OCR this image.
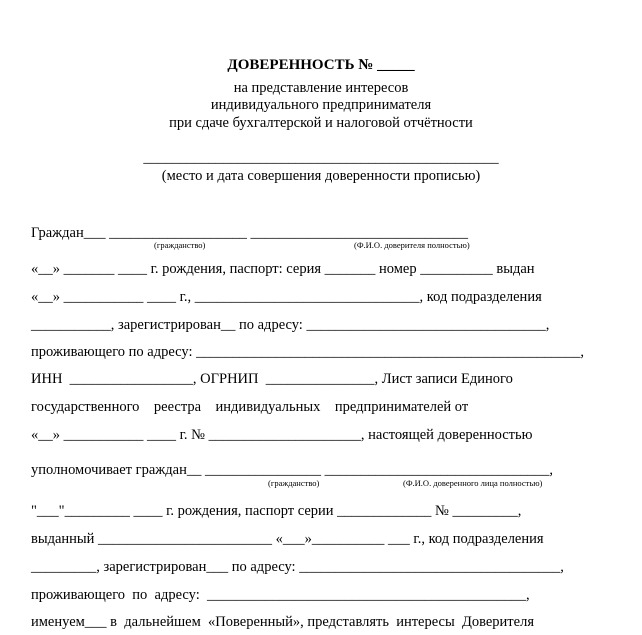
ДОВЕРЕННОСТЬ № _____
на представление интересов
индивидуального предпринимателя
при сдаче бухгалтерской и налоговой отчётности
_________________________________________________
(место и дата совершения доверенности прописью)
Граждан___ ___________________ ______________________________
(гражданство)	(Ф.И.О. доверителя полностью)
«__» _______ ____ г. рождения, паспорт: серия _______ номер __________ выдан
«__» ___________ ____ г., _______________________________, код подразделения
___________, зарегистрирован__ по адресу: _________________________________,
проживающего по адресу: _____________________________________________________,
ИНН  _________________, ОГРНИП  _______________, Лист записи Единого
государственного    реестра    индивидуальных    предпринимателей от
«__» ___________ ____ г. № _____________________, настоящей доверенностью
уполномочивает граждан__ ________________ _______________________________,
(гражданство)	(Ф.И.О. доверенного лица полностью)
"___"_________ ____ г. рождения, паспорт серии _____________ № _________,
выданный ________________________ «___»__________ ___ г., код подразделения
_________, зарегистрирован___ по адресу: ____________________________________,
проживающего  по  адресу:  ____________________________________________,
именуем___ в  дальнейшем  «Поверенный», представлять  интересы  Доверителя
